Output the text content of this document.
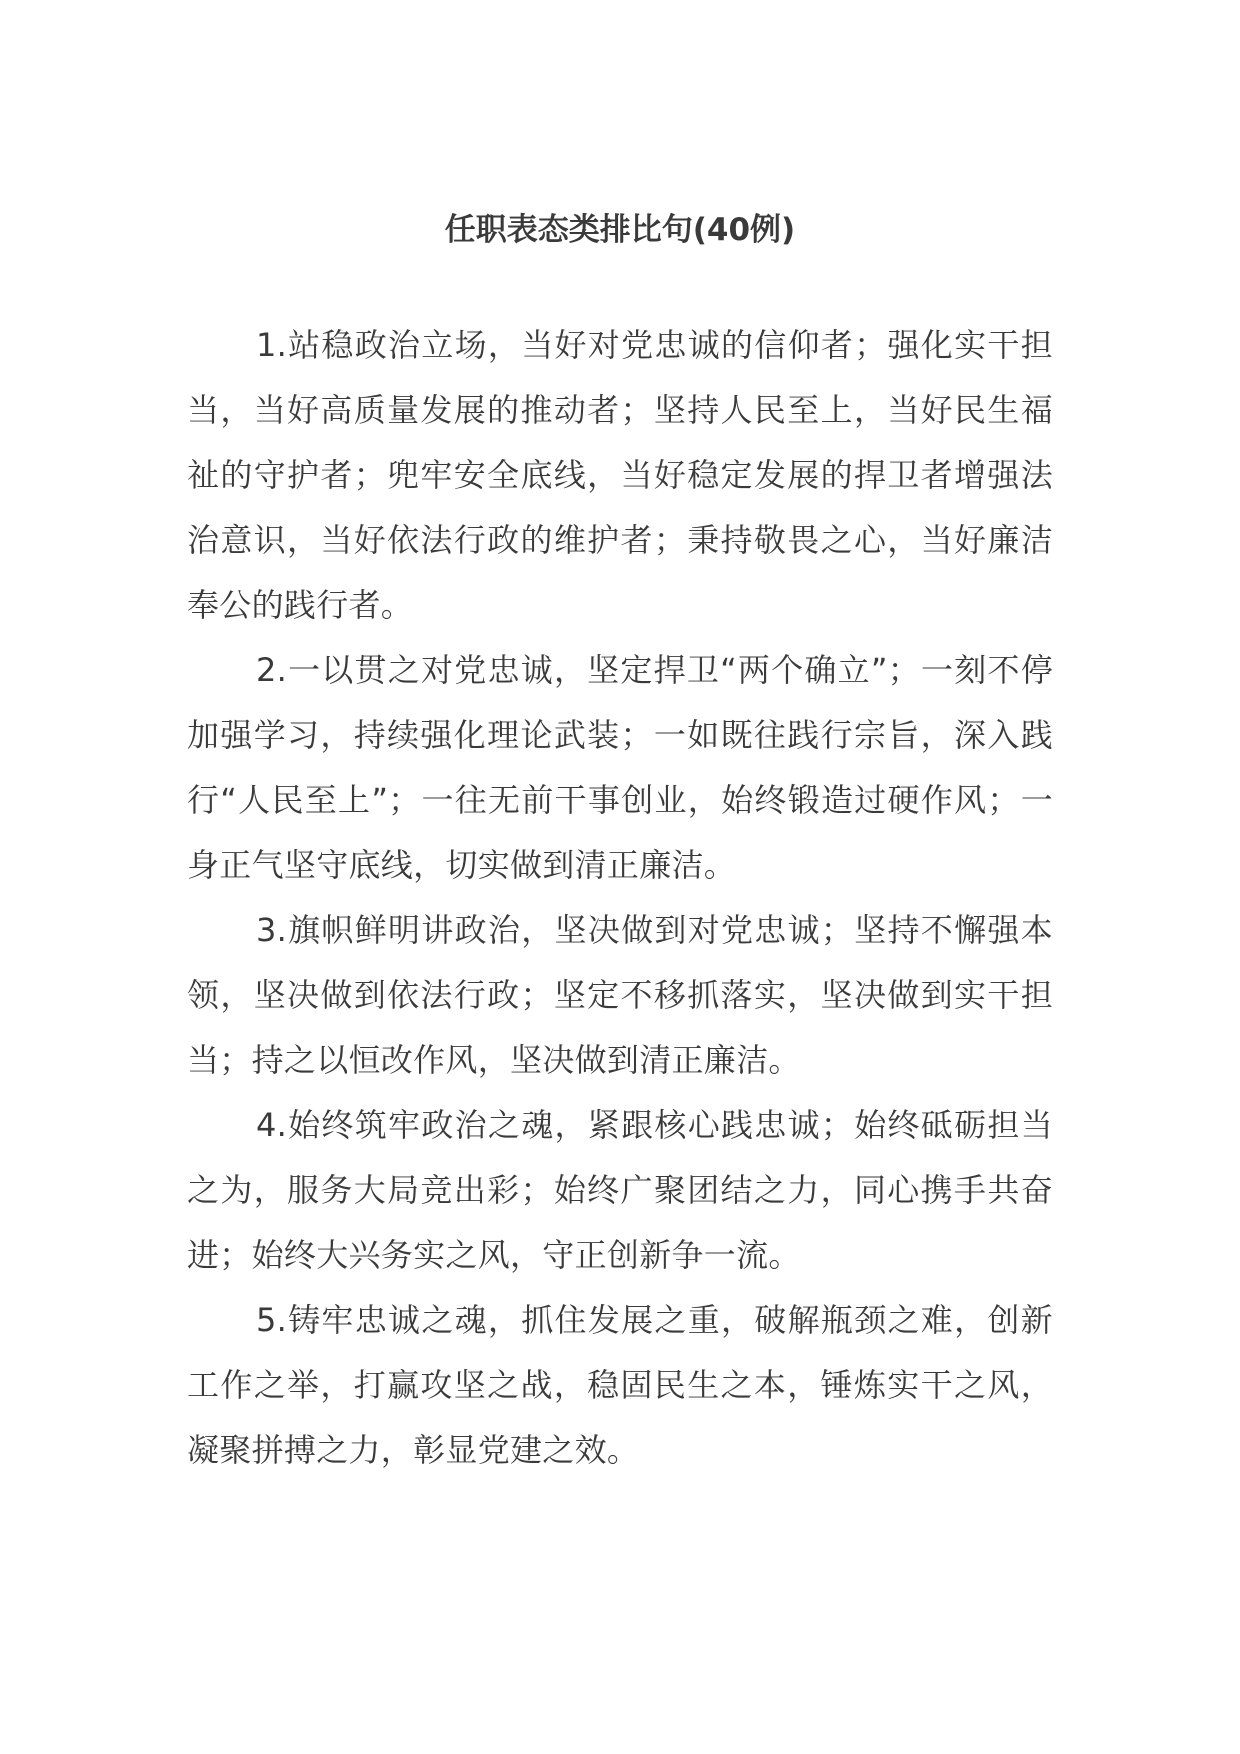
任职表态类排比句(40例)

1.站稳政治立场，当好对党忠诚的信仰者；强化实干担当，当好高质量发展的推动者；坚持人民至上，当好民生福祉的守护者；兜牢安全底线，当好稳定发展的捍卫者增强法治意识，当好依法行政的维护者；秉持敬畏之心，当好廉洁奉公的践行者。

2.一以贯之对党忠诚，坚定捍卫“两个确立”；一刻不停加强学习，持续强化理论武装；一如既往践行宗旨，深入践行“人民至上”；一往无前干事创业，始终锻造过硬作风；一身正气坚守底线，切实做到清正廉洁。

3.旗帜鲜明讲政治，坚决做到对党忠诚；坚持不懈强本领，坚决做到依法行政；坚定不移抓落实，坚决做到实干担当；持之以恒改作风，坚决做到清正廉洁。

4.始终筑牢政治之魂，紧跟核心践忠诚；始终砥砺担当之为，服务大局竞出彩；始终广聚团结之力，同心携手共奋进；始终大兴务实之风，守正创新争一流。

5.铸牢忠诚之魂，抓住发展之重，破解瓶颈之难，创新工作之举，打赢攻坚之战，稳固民生之本，锤炼实干之风，凝聚拼搏之力，彰显党建之效。
